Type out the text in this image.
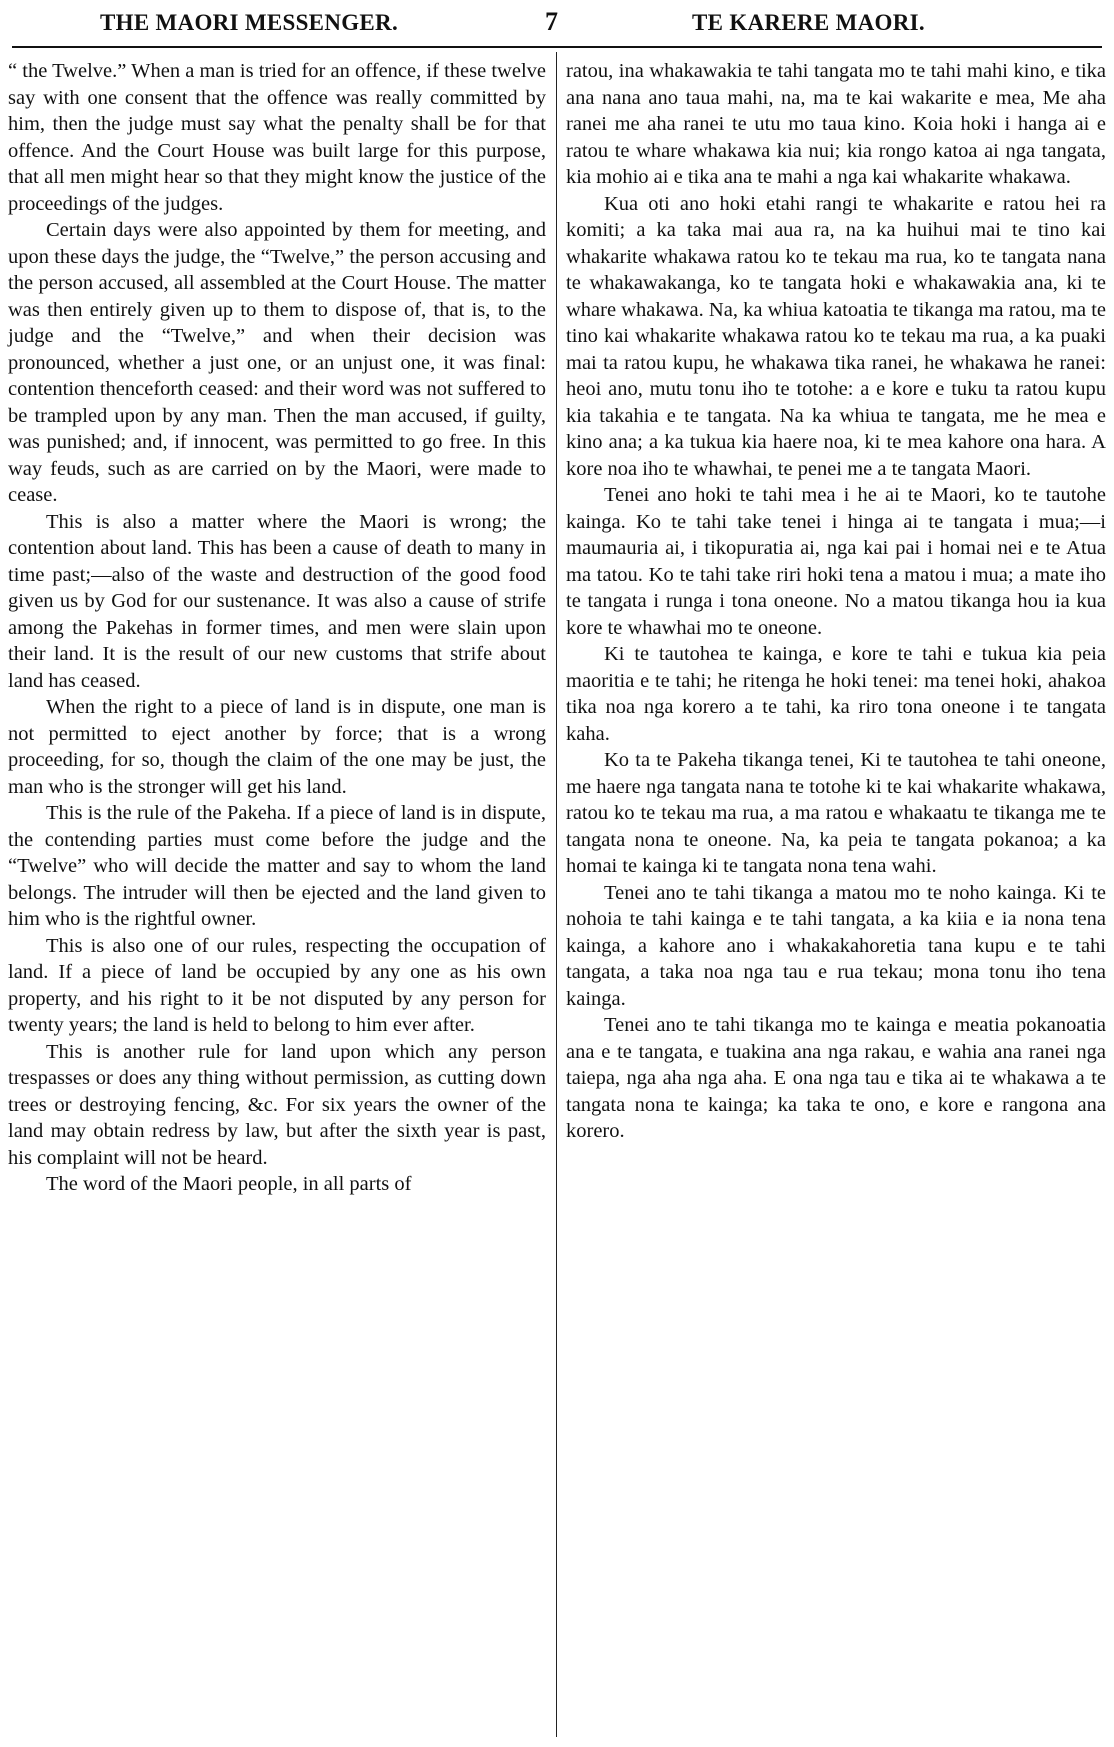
THE MAORI MESSENGER.	7	TE KARERE MAORI.

“ the Twelve.” When a man is tried for an offence, if these twelve say with one consent that the offence was really committed by him, then the judge must say what the penalty shall be for that offence. And the Court House was built large for this purpose, that all men might hear so that they might know the justice of the proceedings of the judges.

Certain days were also appointed by them for meeting, and upon these days the judge, the “Twelve,” the person accusing and the person accused, all assembled at the Court House. The matter was then entirely given up to them to dispose of, that is, to the judge and the “Twelve,” and when their decision was pronounced, whether a just one, or an unjust one, it was final: contention thenceforth ceased: and their word was not suffered to be trampled upon by any man. Then the man accused, if guilty, was punished; and, if innocent, was permitted to go free. In this way feuds, such as are carried on by the Maori, were made to cease.

This is also a matter where the Maori is wrong; the contention about land. This has been a cause of death to many in time past;—also of the waste and destruction of the good food given us by God for our sustenance. It was also a cause of strife among the Pakehas in former times, and men were slain upon their land. It is the result of our new customs that strife about land has ceased.

When the right to a piece of land is in dispute, one man is not permitted to eject another by force; that is a wrong proceeding, for so, though the claim of the one may be just, the man who is the stronger will get his land.

This is the rule of the Pakeha. If a piece of land is in dispute, the contending parties must come before the judge and the “Twelve” who will decide the matter and say to whom the land belongs. The intruder will then be ejected and the land given to him who is the rightful owner.

This is also one of our rules, respecting the occupation of land. If a piece of land be occupied by any one as his own property, and his right to it be not disputed by any person for twenty years; the land is held to belong to him ever after.

This is another rule for land upon which any person trespasses or does any thing without permission, as cutting down trees or destroying fencing, &c. For six years the owner of the land may obtain redress by law, but after the sixth year is past, his complaint will not be heard.

The word of the Maori people, in all parts of

ratou, ina whakawakia te tahi tangata mo te tahi mahi kino, e tika ana nana ano taua mahi, na, ma te kai wakarite e mea, Me aha ranei me aha ranei te utu mo taua kino. Koia hoki i hanga ai e ratou te whare whakawa kia nui; kia rongo katoa ai nga tangata, kia mohio ai e tika ana te mahi a nga kai whakarite whakawa.

Kua oti ano hoki etahi rangi te whakarite e ratou hei ra komiti; a ka taka mai aua ra, na ka huihui mai te tino kai whakarite whakawa ratou ko te tekau ma rua, ko te tangata nana te whakawakanga, ko te tangata hoki e whakawakia ana, ki te whare whakawa. Na, ka whiua katoatia te tikanga ma ratou, ma te tino kai whakarite whakawa ratou ko te tekau ma rua, a ka puaki mai ta ratou kupu, he whakawa tika ranei, he whakawa he ranei: heoi ano, mutu tonu iho te totohe: a e kore e tuku ta ratou kupu kia takahia e te tangata. Na ka whiua te tangata, me he mea e kino ana; a ka tukua kia haere noa, ki te mea kahore ona hara. A kore noa iho te whawhai, te penei me a te tangata Maori.

Tenei ano hoki te tahi mea i he ai te Maori, ko te tautohe kainga. Ko te tahi take tenei i hinga ai te tangata i mua;—i maumauria ai, i tikopuratia ai, nga kai pai i homai nei e te Atua ma tatou. Ko te tahi take riri hoki tena a matou i mua; a mate iho te tangata i runga i tona oneone. No a matou tikanga hou ia kua kore te whawhai mo te oneone.

Ki te tautohea te kainga, e kore te tahi e tukua kia peia maoritia e te tahi; he ritenga he hoki tenei: ma tenei hoki, ahakoa tika noa nga korero a te tahi, ka riro tona oneone i te tangata kaha.

Ko ta te Pakeha tikanga tenei, Ki te tautohea te tahi oneone, me haere nga tangata nana te totohe ki te kai whakarite whakawa, ratou ko te tekau ma rua, a ma ratou e whakaatu te tikanga me te tangata nona te oneone. Na, ka peia te tangata pokanoa; a ka homai te kainga ki te tangata nona tena wahi.

Tenei ano te tahi tikanga a matou mo te noho kainga. Ki te nohoia te tahi kainga e te tahi tangata, a ka kiia e ia nona tena kainga, a kahore ano i whakakahoretia tana kupu e te tahi tangata, a taka noa nga tau e rua tekau; mona tonu iho tena kainga.

Tenei ano te tahi tikanga mo te kainga e meatia pokanoatia ana e te tangata, e tuakina ana nga rakau, e wahia ana ranei nga taiepa, nga aha nga aha. E ona nga tau e tika ai te whakawa a te tangata nona te kainga; ka taka te ono, e kore e rangona ana korero.
